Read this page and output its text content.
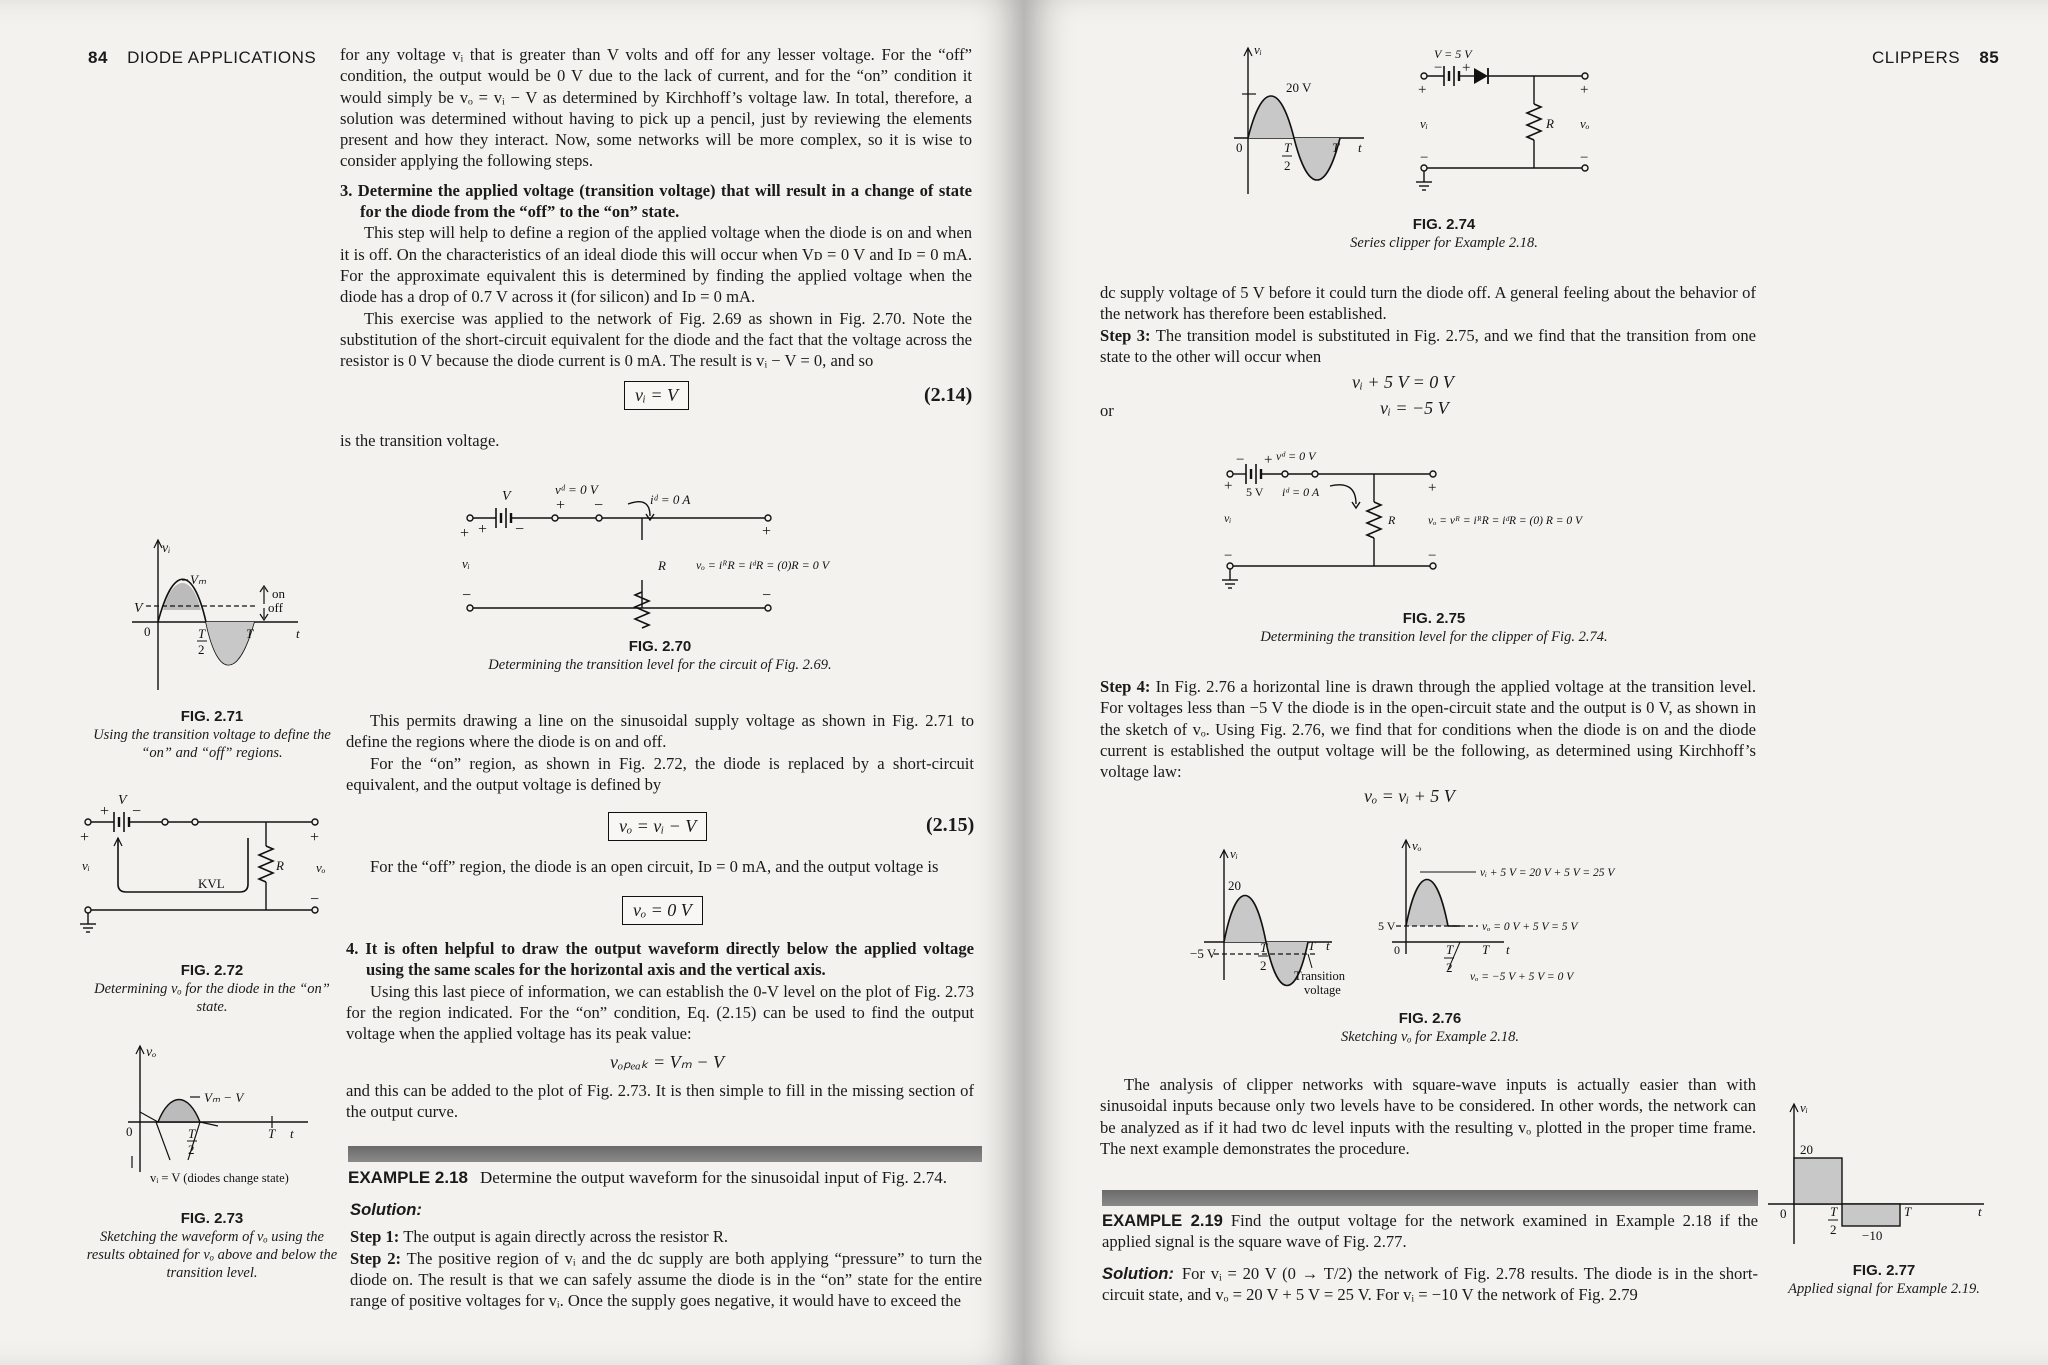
84 DIODE APPLICATIONS for any voltage vᵢ that is greater than V volts and off for any lesser voltage. For the “off” condition, the output would be 0 V due to the lack of current, and for the “on” condition it would simply be vₒ = vᵢ − V as determined by Kirchhoff’s voltage law. In total, therefore, a solution was determined without having to pick up a pencil, just by reviewing the elements present and how they interact. Now, some networks will be more complex, so it is wise to consider applying the following steps.

3. Determine the applied voltage (transition voltage) that will result in a change of state for the diode from the “off” to the “on” state.

This step will help to define a region of the applied voltage when the diode is on and when it is off. On the characteristics of an ideal diode this will occur when Vᴅ = 0 V and Iᴅ = 0 mA. For the approximate equivalent this is determined by finding the applied voltage when the diode has a drop of 0.7 V across it (for silicon) and Iᴅ = 0 mA.

This exercise was applied to the network of Fig. 2.69 as shown in Fig. 2.70. Note the substitution of the short-circuit equivalent for the diode and the fact that the voltage across the resistor is 0 V because the diode current is 0 mA. The result is vᵢ − V = 0, and so

vᵢ = V	(2.14)
is the transition voltage.
+ + −
V	vᵈ = 0 V
+ −	iᵈ = 0 A
+
vᵢ	R	vₒ = iᴿR = iᵈR = (0)R = 0 V
−	−
FIG. 2.70
Determining the transition level for the circuit of Fig. 2.69.

This permits drawing a line on the sinusoidal supply voltage as shown in Fig. 2.71 to define the regions where the diode is on and off.

For the “on” region, as shown in Fig. 2.72, the diode is replaced by a short-circuit equivalent, and the output voltage is defined by

vₒ = vᵢ − V	(2.15)

For the “off” region, the diode is an open circuit, Iᴅ = 0 mA, and the output voltage is

vₒ = 0 V

4. It is often helpful to draw the output waveform directly below the applied voltage using the same scales for the horizontal axis and the vertical axis.

Using this last piece of information, we can establish the 0-V level on the plot of Fig. 2.73 for the region indicated. For the “on” condition, Eq. (2.15) can be used to find the output voltage when the applied voltage has its peak value:

vₒₚₑₐₖ = Vₘ − V
and this can be added to the plot of Fig. 2.73. It is then simple to fill in the missing section of the output curve.
EXAMPLE 2.18 Determine the output waveform for the sinusoidal input of Fig. 2.74.

Solution:

Step 1: The output is again directly across the resistor R.

Step 2: The positive region of vᵢ and the dc supply are both applying “pressure” to turn the diode on. The result is that we can safely assume the diode is in the “on” state for the entire range of positive voltages for vᵢ. Once the supply goes negative, it would have to exceed the

vᵢ
Vₘ
on
off
V
0	T
2
T	t
FIG. 2.71
Using the transition voltage to define the “on” and “off” regions.
+
+ −
V
+
vᵢ	R vₒ
KVL
−
FIG. 2.72
Determining vₒ for the diode in the “on” state.
vₒ
Vₘ − V
0	T
2
T t
vᵢ = V (diodes change state)
FIG. 2.73
Sketching the waveform of vₒ using the results obtained for vₒ above and below the transition level.
CLIPPERS 85
vᵢ
20 V
0	T
2
T t
V = 5 V
− +
+	+
vᵢ	R vₒ
−	−
FIG. 2.74
Series clipper for Example 2.18.

dc supply voltage of 5 V before it could turn the diode off. A general feeling about the behavior of the network has therefore been established.

Step 3: The transition model is substituted in Fig. 2.75, and we find that the transition from one state to the other will occur when

vᵢ + 5 V = 0 V
or	vᵢ = −5 V
− + vᵈ = 0 V
+ 5 V iᵈ = 0 A	+
vᵢ	R	vₒ = vᴿ = iᴿR = iᵈR = (0) R = 0 V
−	−
FIG. 2.75
Determining the transition level for the clipper of Fig. 2.74.

Step 4: In Fig. 2.76 a horizontal line is drawn through the applied voltage at the transition level. For voltages less than −5 V the diode is in the open-circuit state and the output is 0 V, as shown in the sketch of vₒ. Using Fig. 2.76, we find that for conditions when the diode is on and the diode current is established the output voltage will be the following, as determined using Kirchhoff’s voltage law:

vₒ = vᵢ + 5 V
vᵢ
20
−5 V	T
2
T t
Transition
voltage
vₒ
5 V
0	T
2
T t
vᵢ + 5 V = 20 V + 5 V = 25 V
vₒ = 0 V + 5 V = 5 V
vₒ = −5 V + 5 V = 0 V
FIG. 2.76
Sketching vₒ for Example 2.18.

The analysis of clipper networks with square-wave inputs is actually easier than with sinusoidal inputs because only two levels have to be considered. In other words, the network can be analyzed as if it had two dc level inputs with the resulting vₒ plotted in the proper time frame. The next example demonstrates the procedure.

EXAMPLE 2.19 Find the output voltage for the network examined in Example 2.18 if the applied signal is the square wave of Fig. 2.77.

Solution: For vᵢ = 20 V (0 → T/2) the network of Fig. 2.78 results. The diode is in the short-circuit state, and vₒ = 20 V + 5 V = 25 V. For vᵢ = −10 V the network of Fig. 2.79

vᵢ
20
0	T
2
T	t
−10
FIG. 2.77
Applied signal for Example 2.19.
